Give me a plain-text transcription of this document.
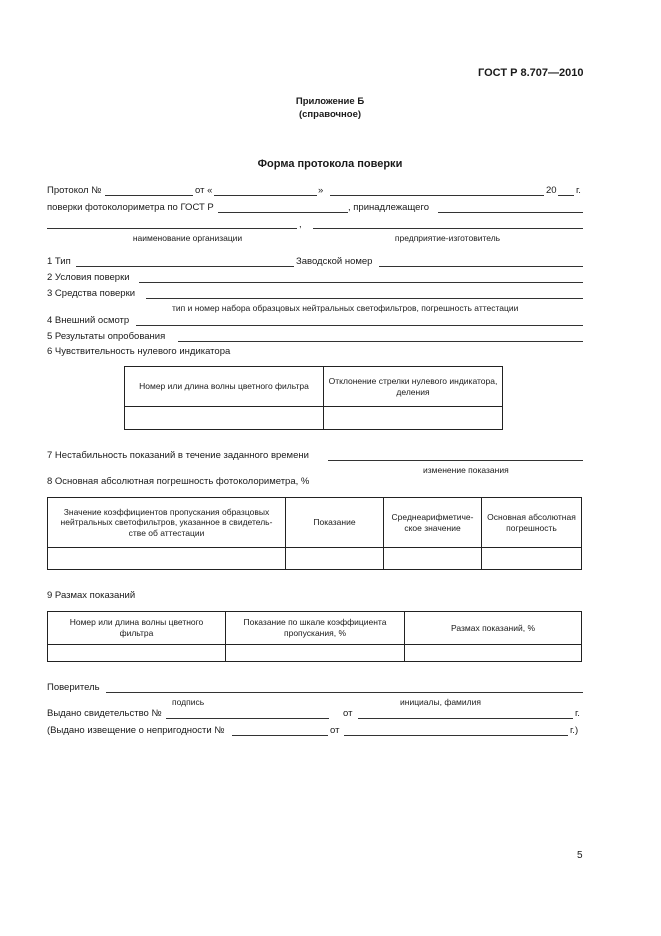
ГОСТ Р 8.707—2010
Приложение Б
(справочное)
Форма протокола поверки
Протокол №	от «	»	20 г.
поверки фотоколориметра по ГОСТ Р	, принадлежащего
,
наименование организации	предприятие-изготовитель
1 Тип	Заводской номер
2 Условия поверки
3 Средства поверки
тип и номер набора образцовых нейтральных светофильтров, погрешность аттестации
4 Внешний осмотр
5 Результаты опробования
6 Чувствительность нулевого индикатора
Номер или длина волны цветного фильтра	Отклонение стрелки нулевого индикатора, деления

7 Нестабильность показаний в течение заданного времени
изменение показания
8 Основная абсолютная погрешность фотоколориметра, %
Значение коэффициентов пропускания образцовых нейтральных светофильтров, указанное в свидетель-стве об аттестации	Показание	Среднеарифметиче-ское значение	Основная абсолютная погрешность

9 Размах показаний
Номер или длина волны цветного фильтра	Показание по шкале коэффициента пропускания, %	Размах показаний, %

Поверитель
подпись	инициалы, фамилия
Выдано свидетельство №	от	г.
(Выдано извещение о непригодности №	от	г.)
5
